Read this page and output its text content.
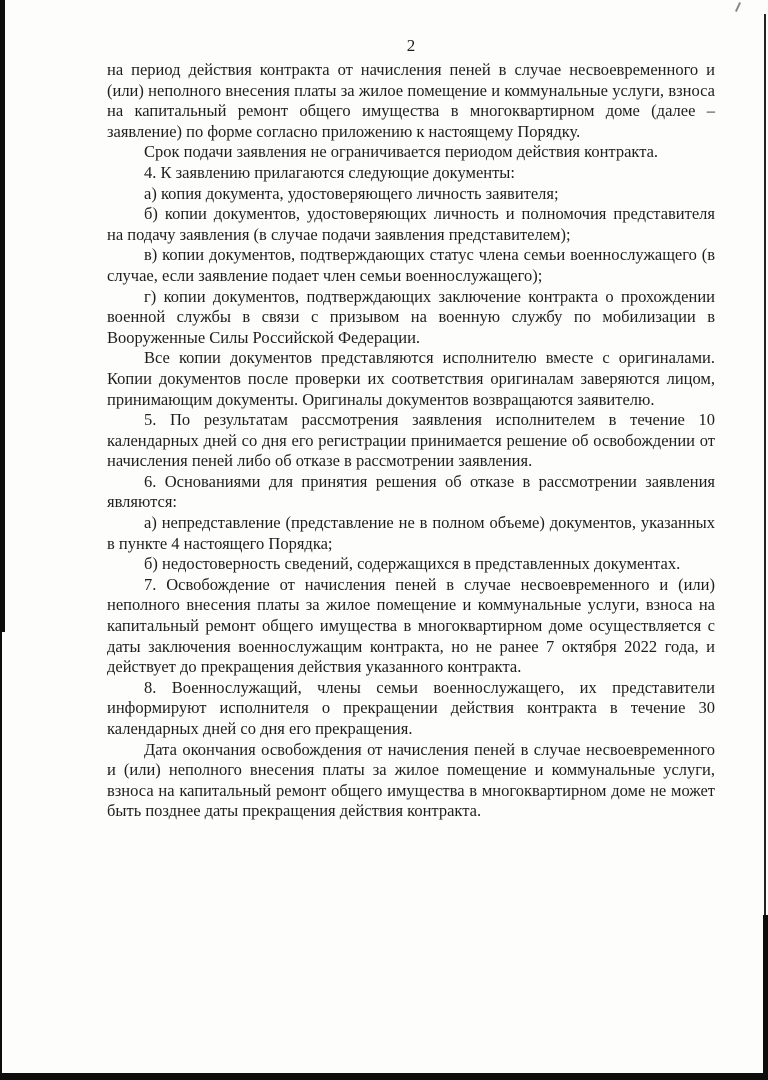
2

на период действия контракта от начисления пеней в случае несвоевременного и (или) неполного внесения платы за жилое помещение и коммунальные услуги, взноса на капитальный ремонт общего имущества в многоквартирном доме (далее – заявление) по форме согласно приложению к настоящему Порядку.

Срок подачи заявления не ограничивается периодом действия контракта.

4. К заявлению прилагаются следующие документы:

а) копия документа, удостоверяющего личность заявителя;

б) копии документов, удостоверяющих личность и полномочия представителя на подачу заявления (в случае подачи заявления представителем);

в) копии документов, подтверждающих статус члена семьи военнослужащего (в случае, если заявление подает член семьи военнослужащего);

г) копии документов, подтверждающих заключение контракта о прохождении военной службы в связи с призывом на военную службу по мобилизации в Вооруженные Силы Российской Федерации.

Все копии документов представляются исполнителю вместе с оригиналами. Копии документов после проверки их соответствия оригиналам заверяются лицом, принимающим документы. Оригиналы документов возвращаются заявителю.

5. По результатам рассмотрения заявления исполнителем в течение 10 календарных дней со дня его регистрации принимается решение об освобождении от начисления пеней либо об отказе в рассмотрении заявления.

6. Основаниями для принятия решения об отказе в рассмотрении заявления являются:

а) непредставление (представление не в полном объеме) документов, указанных в пункте 4 настоящего Порядка;

б) недостоверность сведений, содержащихся в представленных документах.

7. Освобождение от начисления пеней в случае несвоевременного и (или) неполного внесения платы за жилое помещение и коммунальные услуги, взноса на капитальный ремонт общего имущества в многоквартирном доме осуществляется с даты заключения военнослужащим контракта, но не ранее 7 октября 2022 года, и действует до прекращения действия указанного контракта.

8. Военнослужащий, члены семьи военнослужащего, их представители информируют исполнителя о прекращении действия контракта в течение 30 календарных дней со дня его прекращения.

Дата окончания освобождения от начисления пеней в случае несвоевременного и (или) неполного внесения платы за жилое помещение и коммунальные услуги, взноса на капитальный ремонт общего имущества в многоквартирном доме не может быть позднее даты прекращения действия контракта.
